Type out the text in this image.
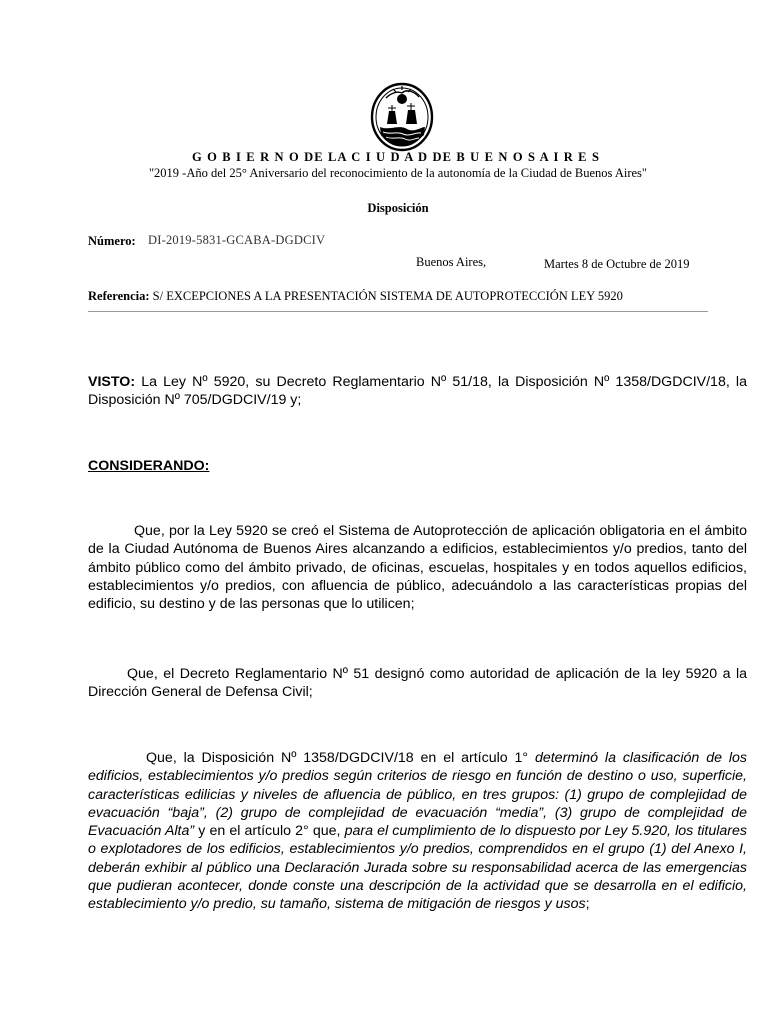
G O B I E R N O DE LA C I U D A D DE B U E N O S A I R E S
"2019 -Año del 25° Aniversario del reconocimiento de la autonomía de la Ciudad de Buenos Aires"
Disposición
Número: DI-2019-5831-GCABA-DGDCIV
Buenos Aires,	Martes 8 de Octubre de 2019
Referencia: S/ EXCEPCIONES A LA PRESENTACIÓN SISTEMA DE AUTOPROTECCIÓN LEY 5920
VISTO: La Ley Nº 5920, su Decreto Reglamentario Nº 51/18, la Disposición Nº 1358/DGDCIV/18, la Disposición Nº 705/DGDCIV/19 y;
CONSIDERANDO:
Que, por la Ley 5920 se creó el Sistema de Autoprotección de aplicación obligatoria en el ámbito de la Ciudad Autónoma de Buenos Aires alcanzando a edificios, establecimientos y/o predios, tanto del ámbito público como del ámbito privado, de oficinas, escuelas, hospitales y en todos aquellos edificios, establecimientos y/o predios, con afluencia de público, adecuándolo a las características propias del edificio, su destino y de las personas que lo utilicen;
Que, el Decreto Reglamentario Nº 51 designó como autoridad de aplicación de la ley 5920 a la Dirección General de Defensa Civil;
Que, la Disposición Nº 1358/DGDCIV/18 en el artículo 1° determinó la clasificación de los edificios, establecimientos y/o predios según criterios de riesgo en función de destino o uso, superficie, características edilicias y niveles de afluencia de público, en tres grupos: (1) grupo de complejidad de evacuación “baja”, (2) grupo de complejidad de evacuación “media”, (3) grupo de complejidad de Evacuación Alta” y en el artículo 2° que, para el cumplimiento de lo dispuesto por Ley 5.920, los titulares o explotadores de los edificios, establecimientos y/o predios, comprendidos en el grupo (1) del Anexo I, deberán exhibir al público una Declaración Jurada sobre su responsabilidad acerca de las emergencias que pudieran acontecer, donde conste una descripción de la actividad que se desarrolla en el edificio, establecimiento y/o predio, su tamaño, sistema de mitigación de riesgos y usos;
